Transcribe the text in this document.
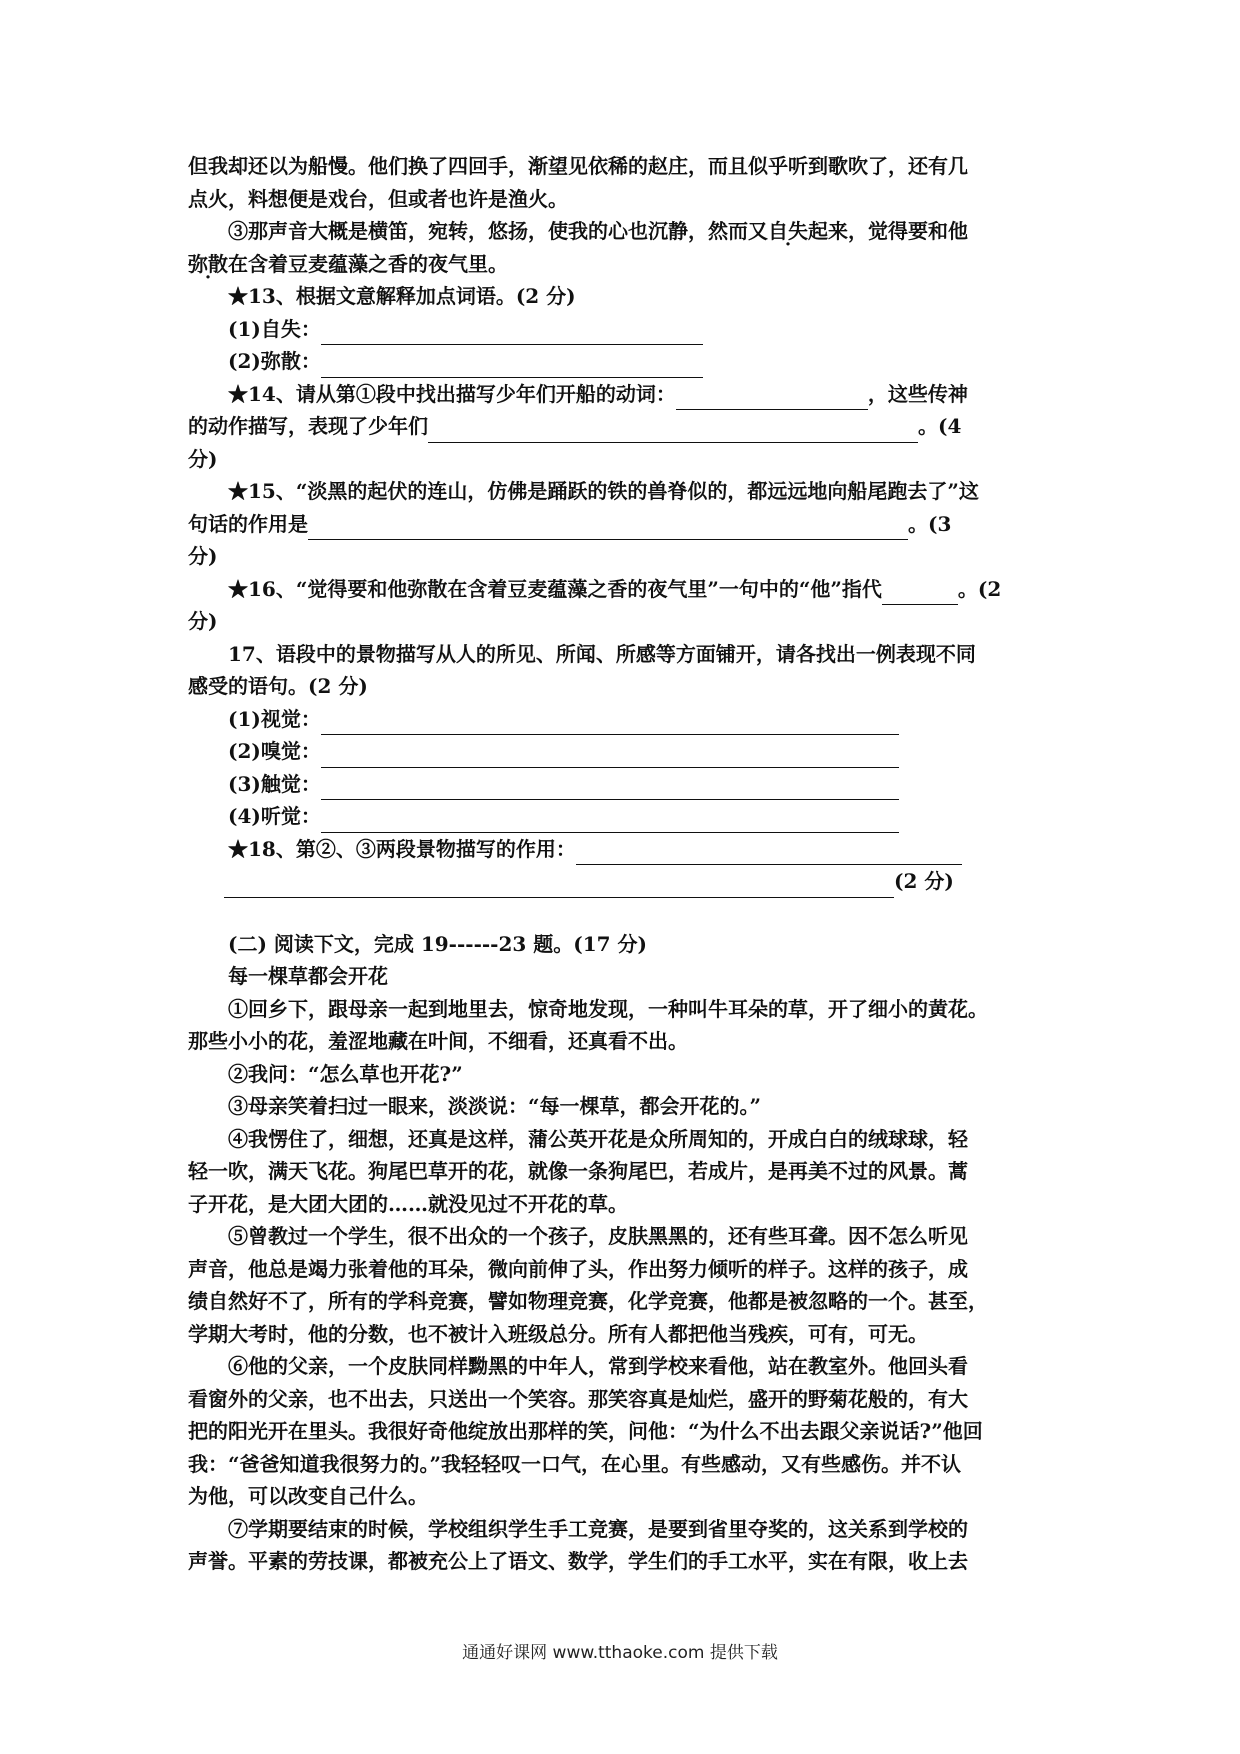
但我却还以为船慢。他们换了四回手，渐望见依稀的赵庄，而且似乎听到歌吹了，还有几
点火，料想便是戏台，但或者也许是渔火。
③那声音大概是横笛，宛转，悠扬，使我的心也沉静，然而又自失起来，觉得要和他
弥散在含着豆麦蕴藻之香的夜气里。
★13、根据文意解释加点词语。(2 分)
(1)自失：
(2)弥散：
★14、请从第①段中找出描写少年们开船的动词：	，这些传神
的动作描写，表现了少年们	。(4
分)
★15、“淡黑的起伏的连山，仿佛是踊跃的铁的兽脊似的，都远远地向船尾跑去了”这
句话的作用是	。(3
分)
★16、“觉得要和他弥散在含着豆麦蕴藻之香的夜气里”一句中的“他”指代	。(2
分)
17、语段中的景物描写从人的所见、所闻、所感等方面铺开，请各找出一例表现不同
感受的语句。(2 分)
(1)视觉：
(2)嗅觉：
(3)触觉：
(4)听觉：
★18、第②、③两段景物描写的作用：
(2 分)
(二) 阅读下文，完成 19------23 题。(17 分)
每一棵草都会开花
①回乡下，跟母亲一起到地里去，惊奇地发现，一种叫牛耳朵的草，开了细小的黄花。
那些小小的花，羞涩地藏在叶间，不细看，还真看不出。
②我问：“怎么草也开花?”
③母亲笑着扫过一眼来，淡淡说：“每一棵草，都会开花的。”
④我愣住了，细想，还真是这样，蒲公英开花是众所周知的，开成白白的绒球球，轻
轻一吹，满天飞花。狗尾巴草开的花，就像一条狗尾巴，若成片，是再美不过的风景。蒿
子开花，是大团大团的……就没见过不开花的草。
⑤曾教过一个学生，很不出众的一个孩子，皮肤黑黑的，还有些耳聋。因不怎么听见
声音，他总是竭力张着他的耳朵，微向前伸了头，作出努力倾听的样子。这样的孩子，成
绩自然好不了，所有的学科竞赛，譬如物理竞赛，化学竞赛，他都是被忽略的一个。甚至，
学期大考时，他的分数，也不被计入班级总分。所有人都把他当残疾，可有，可无。
⑥他的父亲，一个皮肤同样黝黑的中年人，常到学校来看他，站在教室外。他回头看
看窗外的父亲，也不出去，只送出一个笑容。那笑容真是灿烂，盛开的野菊花般的，有大
把的阳光开在里头。我很好奇他绽放出那样的笑，问他：“为什么不出去跟父亲说话?”他回
我：“爸爸知道我很努力的。”我轻轻叹一口气，在心里。有些感动，又有些感伤。并不认
为他，可以改变自己什么。
⑦学期要结束的时候，学校组织学生手工竞赛，是要到省里夺奖的，这关系到学校的
声誉。平素的劳技课，都被充公上了语文、数学，学生们的手工水平，实在有限，收上去
通通好课网 www.tthaoke.com 提供下载
